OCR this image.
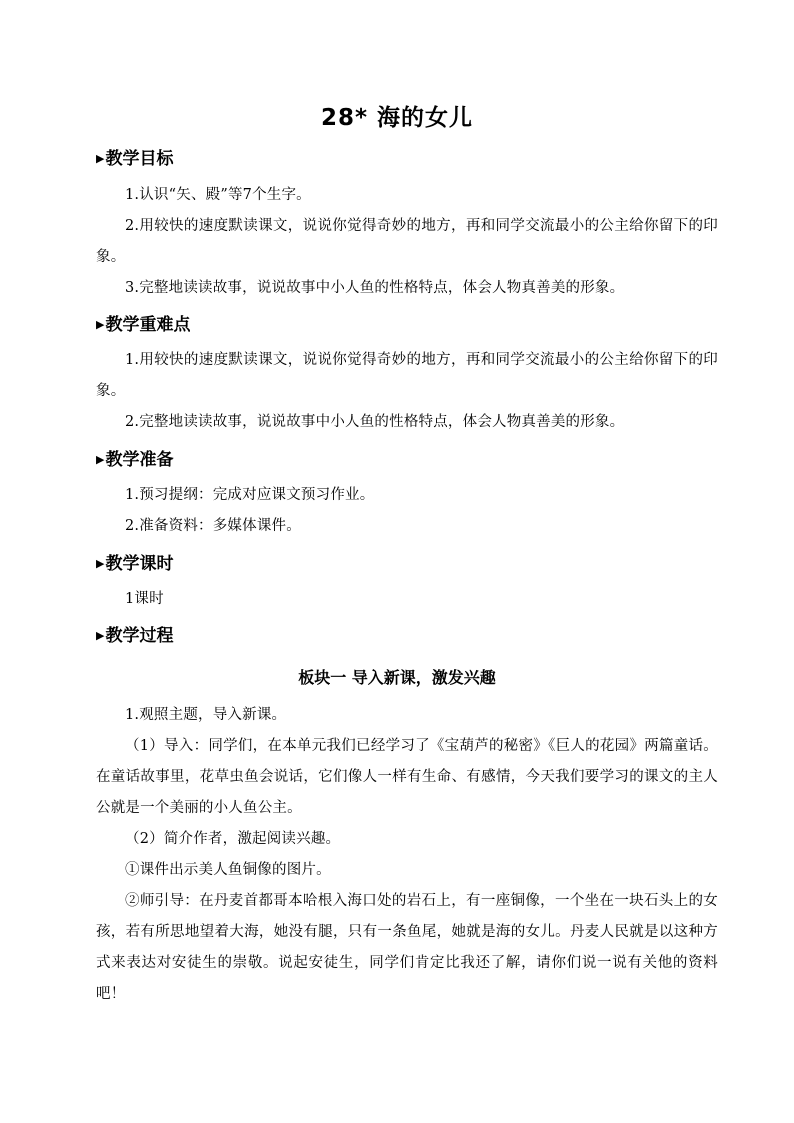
28* 海的女儿
▶教学目标
1.认识“矢、殿”等7个生字。
2.用较快的速度默读课文，说说你觉得奇妙的地方，再和同学交流最小的公主给你留下的印象。
3.完整地读读故事，说说故事中小人鱼的性格特点，体会人物真善美的形象。
▶教学重难点
1.用较快的速度默读课文，说说你觉得奇妙的地方，再和同学交流最小的公主给你留下的印象。
2.完整地读读故事，说说故事中小人鱼的性格特点，体会人物真善美的形象。
▶教学准备
1.预习提纲：完成对应课文预习作业。
2.准备资料：多媒体课件。
▶教学课时
1课时
▶教学过程
板块一 导入新课，激发兴趣
1.观照主题，导入新课。
（1）导入：同学们，在本单元我们已经学习了《宝葫芦的秘密》《巨人的花园》两篇童话。在童话故事里，花草虫鱼会说话，它们像人一样有生命、有感情，今天我们要学习的课文的主人公就是一个美丽的小人鱼公主。
（2）简介作者，激起阅读兴趣。
①课件出示美人鱼铜像的图片。
②师引导：在丹麦首都哥本哈根入海口处的岩石上，有一座铜像，一个坐在一块石头上的女孩，若有所思地望着大海，她没有腿，只有一条鱼尾，她就是海的女儿。丹麦人民就是以这种方式来表达对安徒生的崇敬。说起安徒生，同学们肯定比我还了解，请你们说一说有关他的资料吧！
